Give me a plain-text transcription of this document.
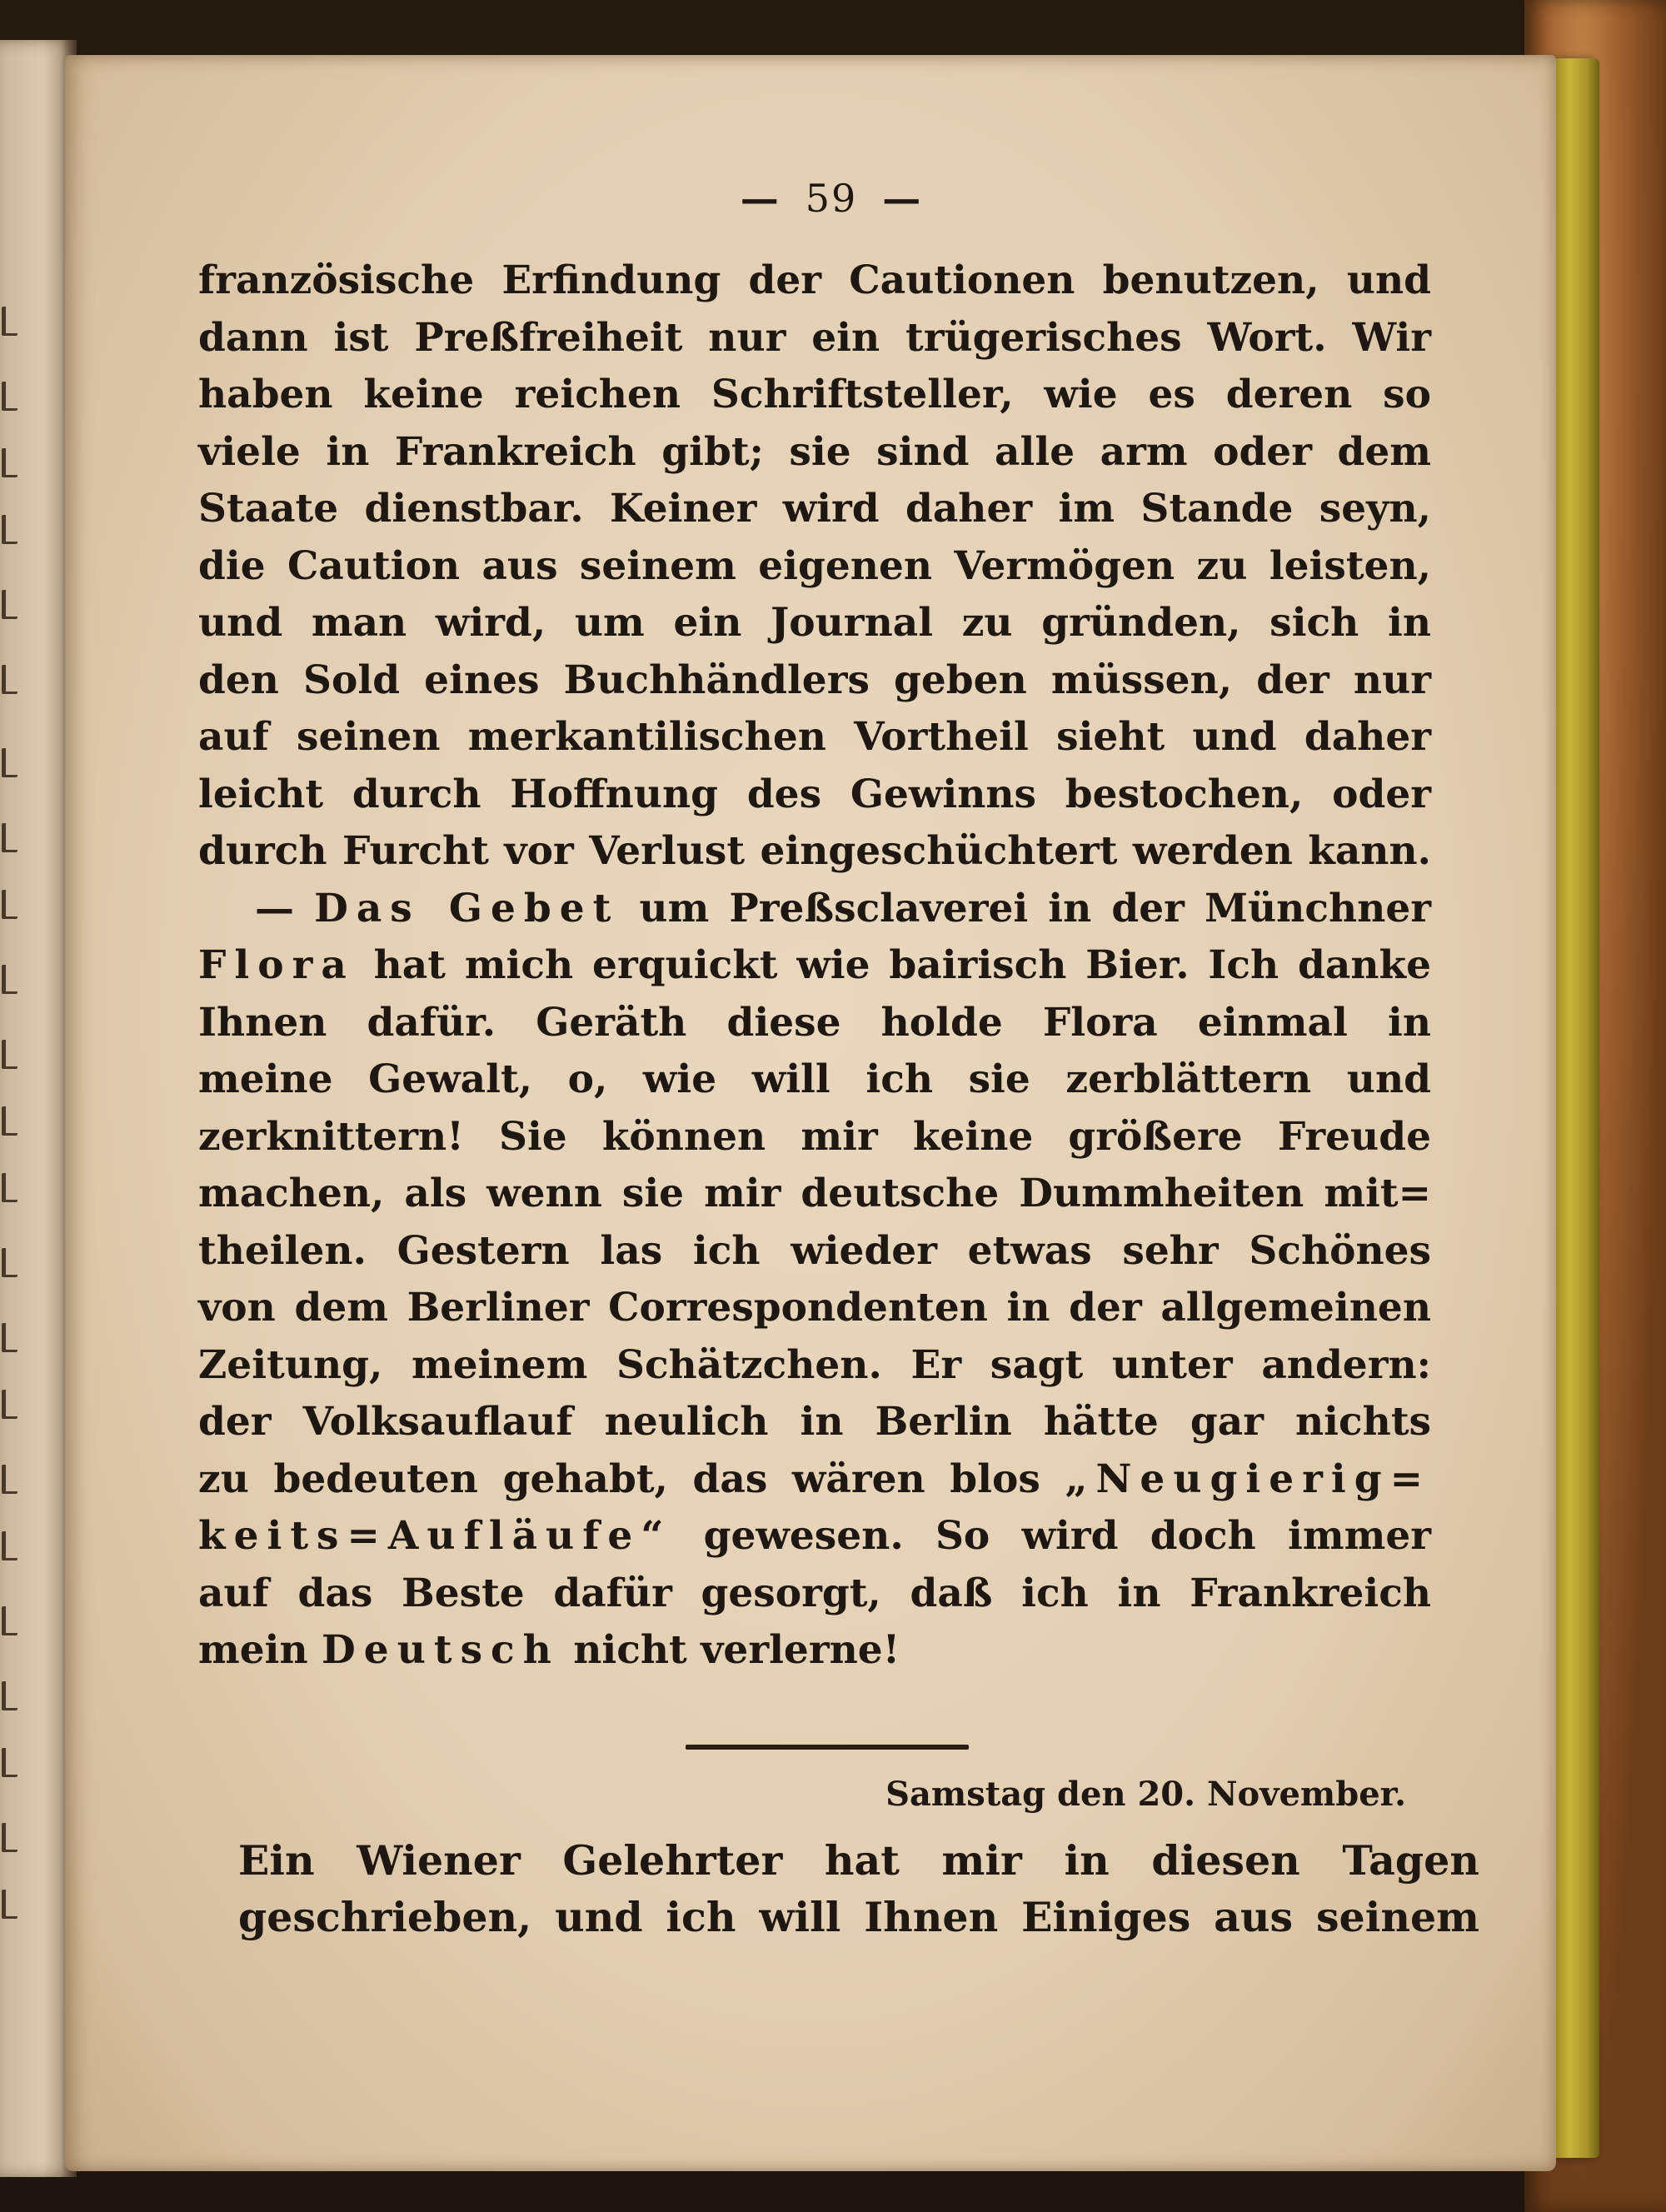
— 59 —

französische Erfindung der Cautionen benutzen, und
dann ist Preßfreiheit nur ein trügerisches Wort. Wir
haben keine reichen Schriftsteller, wie es deren so
viele in Frankreich gibt; sie sind alle arm oder dem
Staate dienstbar. Keiner wird daher im Stande seyn,
die Caution aus seinem eigenen Vermögen zu leisten,
und man wird, um ein Journal zu gründen, sich in
den Sold eines Buchhändlers geben müssen, der nur
auf seinen merkantilischen Vortheil sieht und daher
leicht durch Hoffnung des Gewinns bestochen, oder
durch Furcht vor Verlust eingeschüchtert werden kann.

— Das Gebet um Preßsclaverei in der Münchner
Flora hat mich erquickt wie bairisch Bier. Ich danke
Ihnen dafür. Geräth diese holde Flora einmal in
meine Gewalt, o, wie will ich sie zerblättern und
zerknittern! Sie können mir keine größere Freude
machen, als wenn sie mir deutsche Dummheiten mit=
theilen. Gestern las ich wieder etwas sehr Schönes
von dem Berliner Correspondenten in der allgemeinen
Zeitung, meinem Schätzchen. Er sagt unter andern:
der Volksauflauf neulich in Berlin hätte gar nichts
zu bedeuten gehabt, das wären blos „Neugierig=
keits=Aufläufe“ gewesen. So wird doch immer
auf das Beste dafür gesorgt, daß ich in Frankreich
mein Deutsch nicht verlerne!

Samstag den 20. November.

Ein Wiener Gelehrter hat mir in diesen Tagen
geschrieben, und ich will Ihnen Einiges aus seinem
